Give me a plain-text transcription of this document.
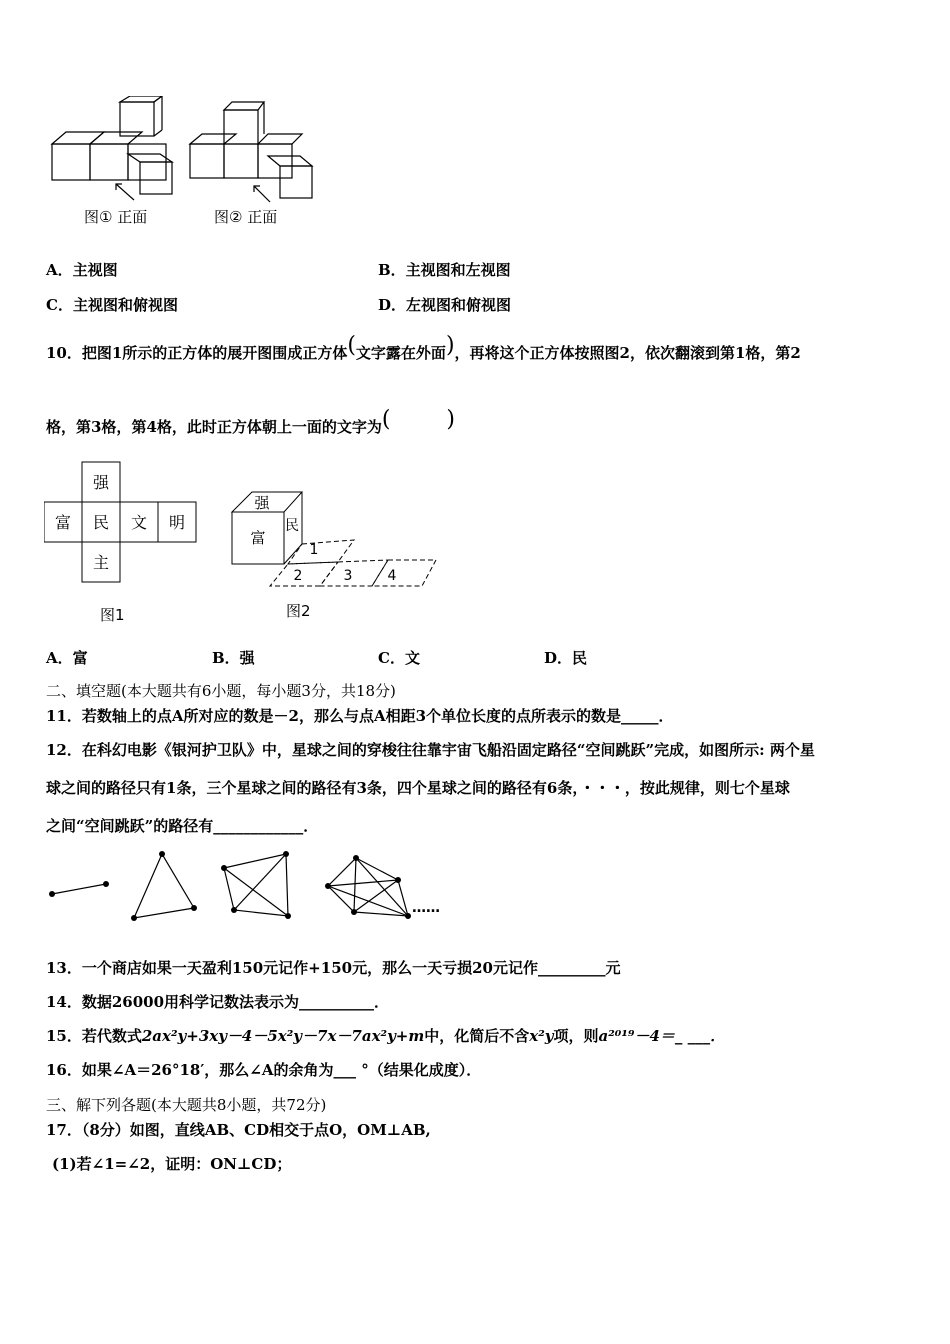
图① 正面	图② 正面
A．主视图	B．主视图和左视图
C．主视图和俯视图	D．左视图和俯视图
10．把图1所示的正方体的展开图围成正方体(文字露在外面)，再将这个正方体按照图2，依次翻滚到第1格，第2
格，第3格，第4格，此时正方体朝上一面的文字为(        )
强
富 民 文 明
主
图1
强
富
民
1
2	3	4
图2
A．富	B．强	C．文	D．民
二、填空题(本大题共有6小题，每小题3分，共18分)
11．若数轴上的点A所对应的数是－2，那么与点A相距3个单位长度的点所表示的数是_____．
12．在科幻电影《银河护卫队》中，星球之间的穿梭往往靠宇宙飞船沿固定路径“空间跳跃”完成，如图所示: 两个星
球之间的路径只有1条，三个星球之间的路径有3条，四个星球之间的路径有6条，・・・，按此规律，则七个星球
之间“空间跳跃”的路径有____________．
……
13．一个商店如果一天盈利150元记作+150元，那么一天亏损20元记作_________元
14．数据26000用科学记数法表示为__________．
15．若代数式2ax²y+3xy－4－5x²y－7x－7ax²y+m中，化简后不含x²y项，则a²⁰¹⁹－4＝_ ___．
16．如果∠A＝26°18′，那么∠A的余角为___ °（结果化成度）．
三、解下列各题(本大题共8小题，共72分)
17．（8分）如图，直线AB、CD相交于点O，OM⊥AB,
(1)若∠1=∠2，证明：ON⊥CD；
